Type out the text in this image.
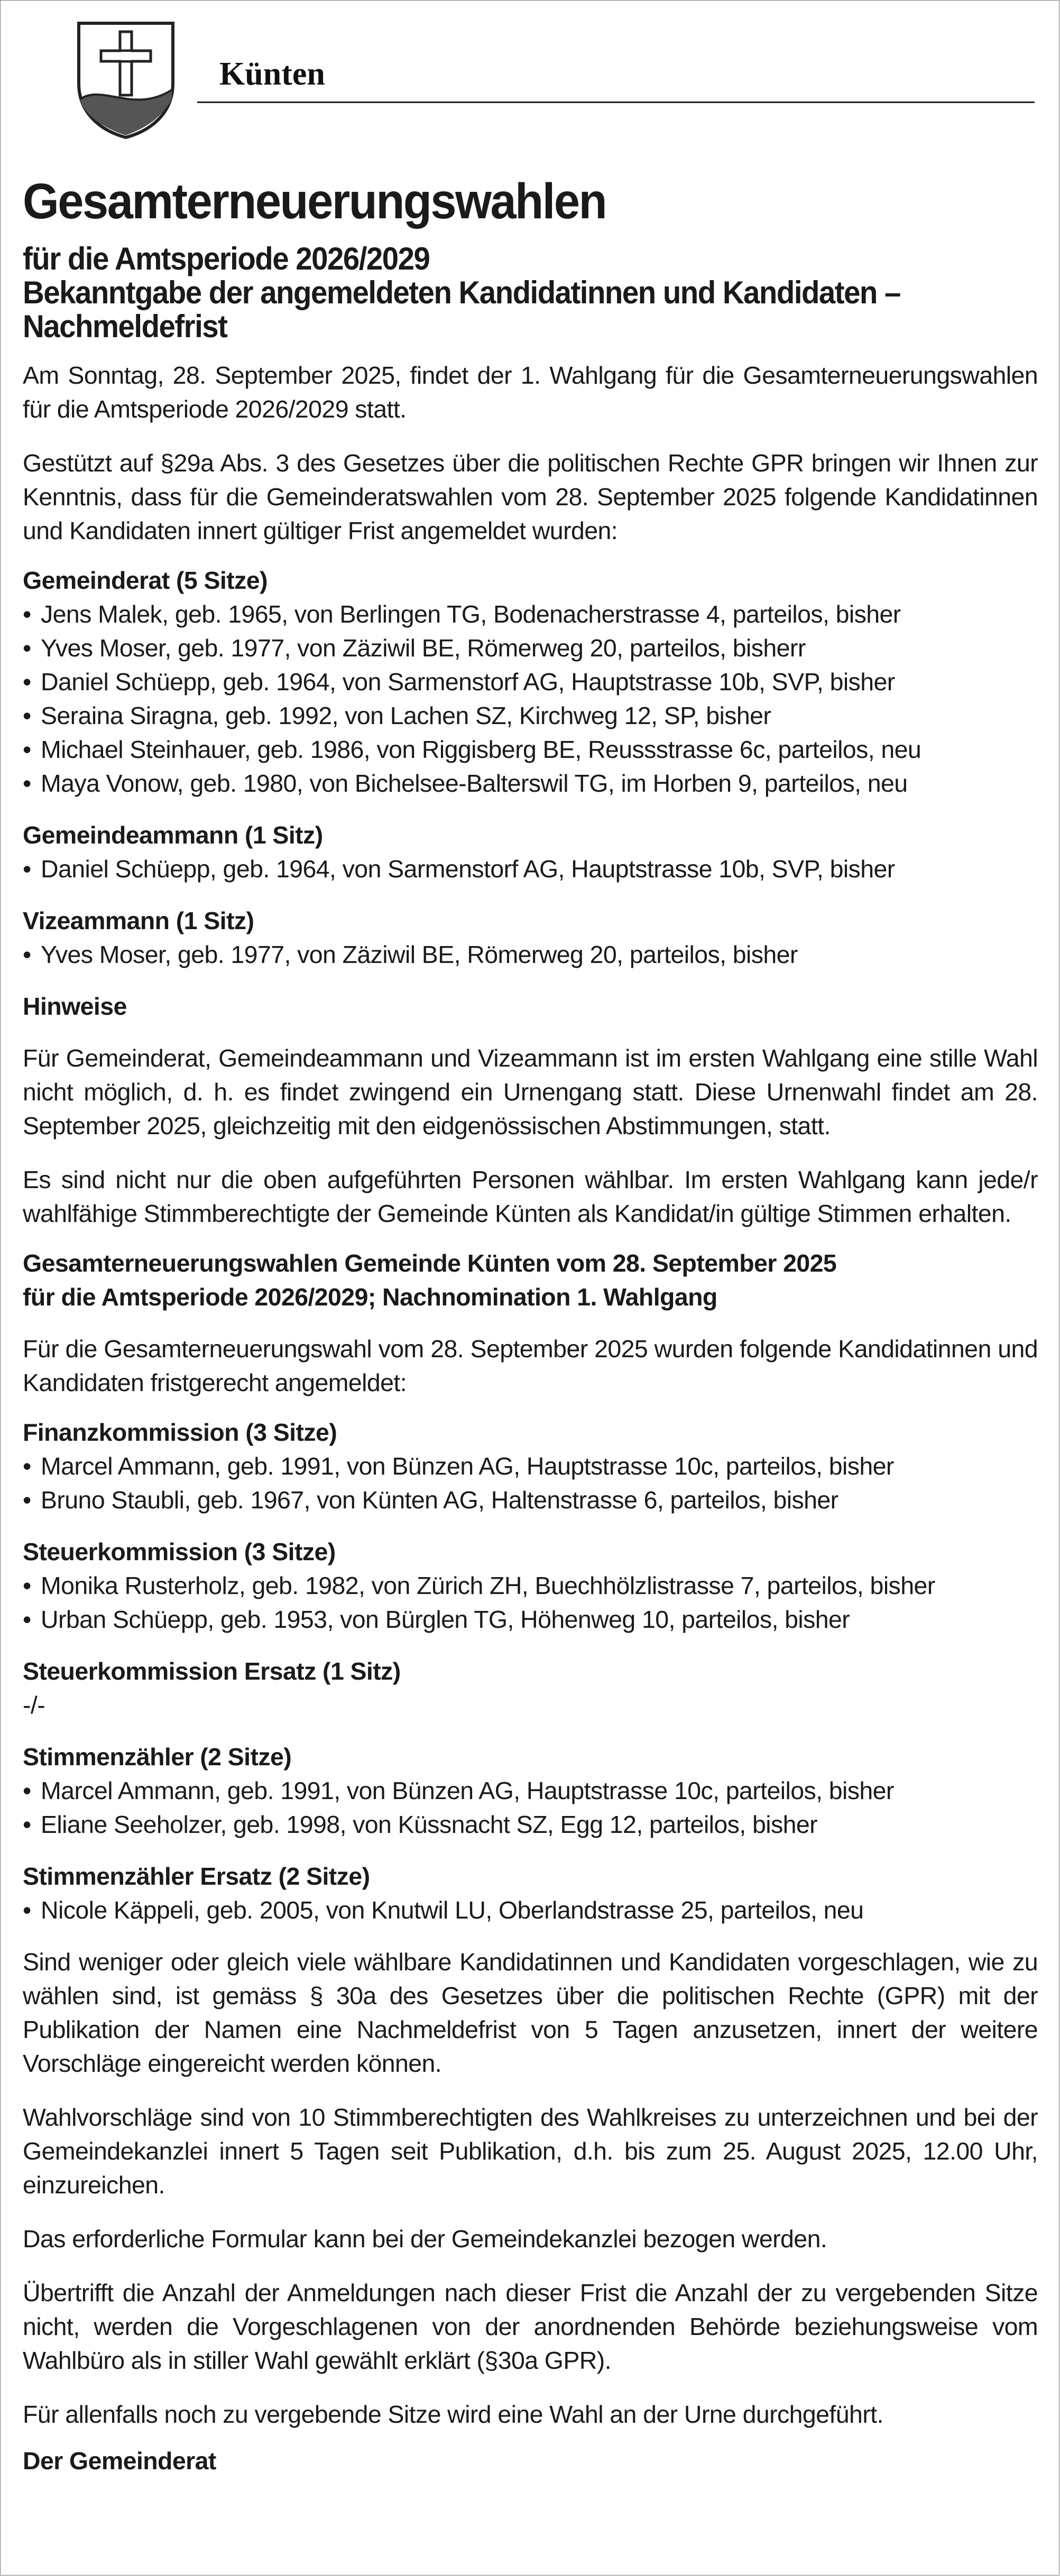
Künten
Gesamterneuerungswahlen
für die Amtsperiode 2026/2029
Bekanntgabe der angemeldeten Kandidatinnen und Kandidaten – Nachmeldefrist

Am Sonntag, 28. September 2025, findet der 1. Wahlgang für die Gesamterneuerungswahlen für die Amtsperiode 2026/2029 statt.

Gestützt auf §29a Abs. 3 des Gesetzes über die politischen Rechte GPR bringen wir Ihnen zur Kenntnis, dass für die Gemeinderatswahlen vom 28. September 2025 folgende Kandidatinnen und Kandidaten innert gültiger Frist angemeldet wurden:

Gemeinderat (5 Sitze)
• Jens Malek, geb. 1965, von Berlingen TG, Bodenacherstrasse 4, parteilos, bisher
• Yves Moser, geb. 1977, von Zäziwil BE, Römerweg 20, parteilos, bisherr
• Daniel Schüepp, geb. 1964, von Sarmenstorf AG, Hauptstrasse 10b, SVP, bisher
• Seraina Siragna, geb. 1992, von Lachen SZ, Kirchweg 12, SP, bisher
• Michael Steinhauer, geb. 1986, von Riggisberg BE, Reussstrasse 6c, parteilos, neu
• Maya Vonow, geb. 1980, von Bichelsee-Balterswil TG, im Horben 9, parteilos, neu
Gemeindeammann (1 Sitz)
• Daniel Schüepp, geb. 1964, von Sarmenstorf AG, Hauptstrasse 10b, SVP, bisher
Vizeammann (1 Sitz)
• Yves Moser, geb. 1977, von Zäziwil BE, Römerweg 20, parteilos, bisher
Hinweise

Für Gemeinderat, Gemeindeammann und Vizeammann ist im ersten Wahlgang eine stille Wahl nicht möglich, d. h. es findet zwingend ein Urnengang statt. Diese Urnenwahl findet am 28. September 2025, gleichzeitig mit den eidgenössischen Abstimmungen, statt.

Es sind nicht nur die oben aufgeführten Personen wählbar. Im ersten Wahlgang kann jede/r wahlfähige Stimmberechtigte der Gemeinde Künten als Kandidat/in gültige Stimmen erhalten.

Gesamterneuerungswahlen Gemeinde Künten vom 28. September 2025
für die Amtsperiode 2026/2029; Nachnomination 1. Wahlgang

Für die Gesamterneuerungswahl vom 28. September 2025 wurden folgende Kandidatinnen und Kandidaten fristgerecht angemeldet:

Finanzkommission (3 Sitze)
• Marcel Ammann, geb. 1991, von Bünzen AG, Hauptstrasse 10c, parteilos, bisher
• Bruno Staubli, geb. 1967, von Künten AG, Haltenstrasse 6, parteilos, bisher
Steuerkommission (3 Sitze)
• Monika Rusterholz, geb. 1982, von Zürich ZH, Buechhölzlistrasse 7, parteilos, bisher
• Urban Schüepp, geb. 1953, von Bürglen TG, Höhenweg 10, parteilos, bisher
Steuerkommission Ersatz (1 Sitz)
-/-
Stimmenzähler (2 Sitze)
• Marcel Ammann, geb. 1991, von Bünzen AG, Hauptstrasse 10c, parteilos, bisher
• Eliane Seeholzer, geb. 1998, von Küssnacht SZ, Egg 12, parteilos, bisher
Stimmenzähler Ersatz (2 Sitze)
• Nicole Käppeli, geb. 2005, von Knutwil LU, Oberlandstrasse 25, parteilos, neu

Sind weniger oder gleich viele wählbare Kandidatinnen und Kandidaten vorgeschlagen, wie zu wählen sind, ist gemäss § 30a des Gesetzes über die politischen Rechte (GPR) mit der Publikation der Namen eine Nachmeldefrist von 5 Tagen anzusetzen, innert der weitere Vorschläge eingereicht werden können.

Wahlvorschläge sind von 10 Stimmberechtigten des Wahlkreises zu unterzeichnen und bei der Gemeindekanzlei innert 5 Tagen seit Publikation, d.h. bis zum 25. August 2025, 12.00 Uhr, einzureichen.

Das erforderliche Formular kann bei der Gemeindekanzlei bezogen werden.

Übertrifft die Anzahl der Anmeldungen nach dieser Frist die Anzahl der zu vergebenden Sitze nicht, werden die Vorgeschlagenen von der anordnenden Behörde beziehungsweise vom Wahlbüro als in stiller Wahl gewählt erklärt (§30a GPR).

Für allenfalls noch zu vergebende Sitze wird eine Wahl an der Urne durchgeführt.

Der Gemeinderat
